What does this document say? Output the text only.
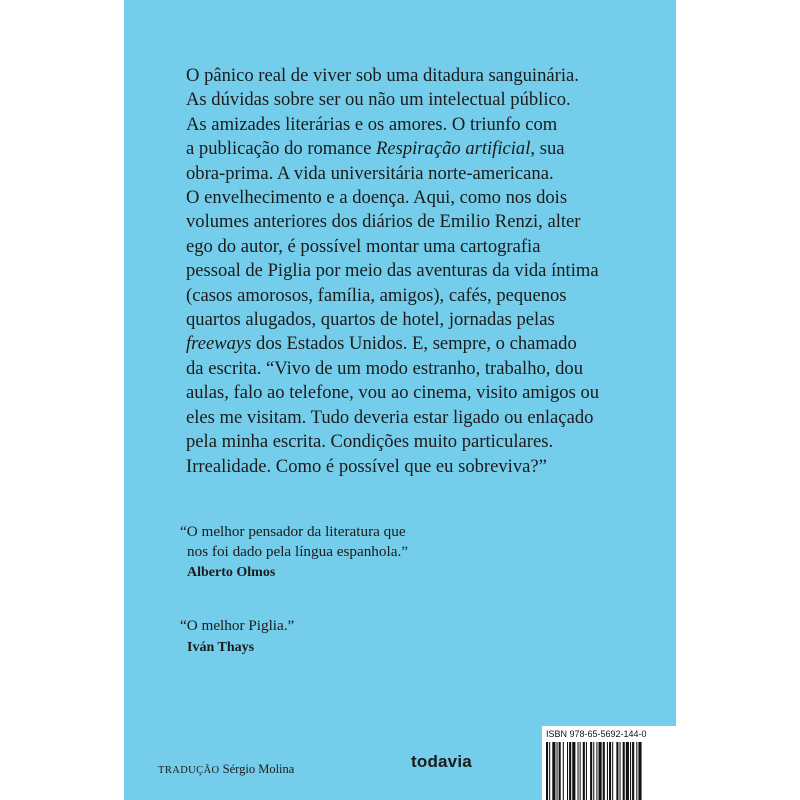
O pânico real de viver sob uma ditadura sanguinária.
As dúvidas sobre ser ou não um intelectual público.
As amizades literárias e os amores. O triunfo com
a publicação do romance Respiração artificial, sua
obra-prima. A vida universitária norte-americana.
O envelhecimento e a doença. Aqui, como nos dois
volumes anteriores dos diários de Emilio Renzi, alter
ego do autor, é possível montar uma cartografia
pessoal de Piglia por meio das aventuras da vida íntima
(casos amorosos, família, amigos), cafés, pequenos
quartos alugados, quartos de hotel, jornadas pelas
freeways dos Estados Unidos. E, sempre, o chamado
da escrita. “Vivo de um modo estranho, trabalho, dou
aulas, falo ao telefone, vou ao cinema, visito amigos ou
eles me visitam. Tudo deveria estar ligado ou enlaçado
pela minha escrita. Condições muito particulares.
Irrealidade. Como é possível que eu sobreviva?”
“O melhor pensador da literatura que
nos foi dado pela língua espanhola.”
Alberto Olmos
“O melhor Piglia.”
Iván Thays
TRADUÇÃO Sérgio Molina	todavia
ISBN 978-65-5692-144-0
